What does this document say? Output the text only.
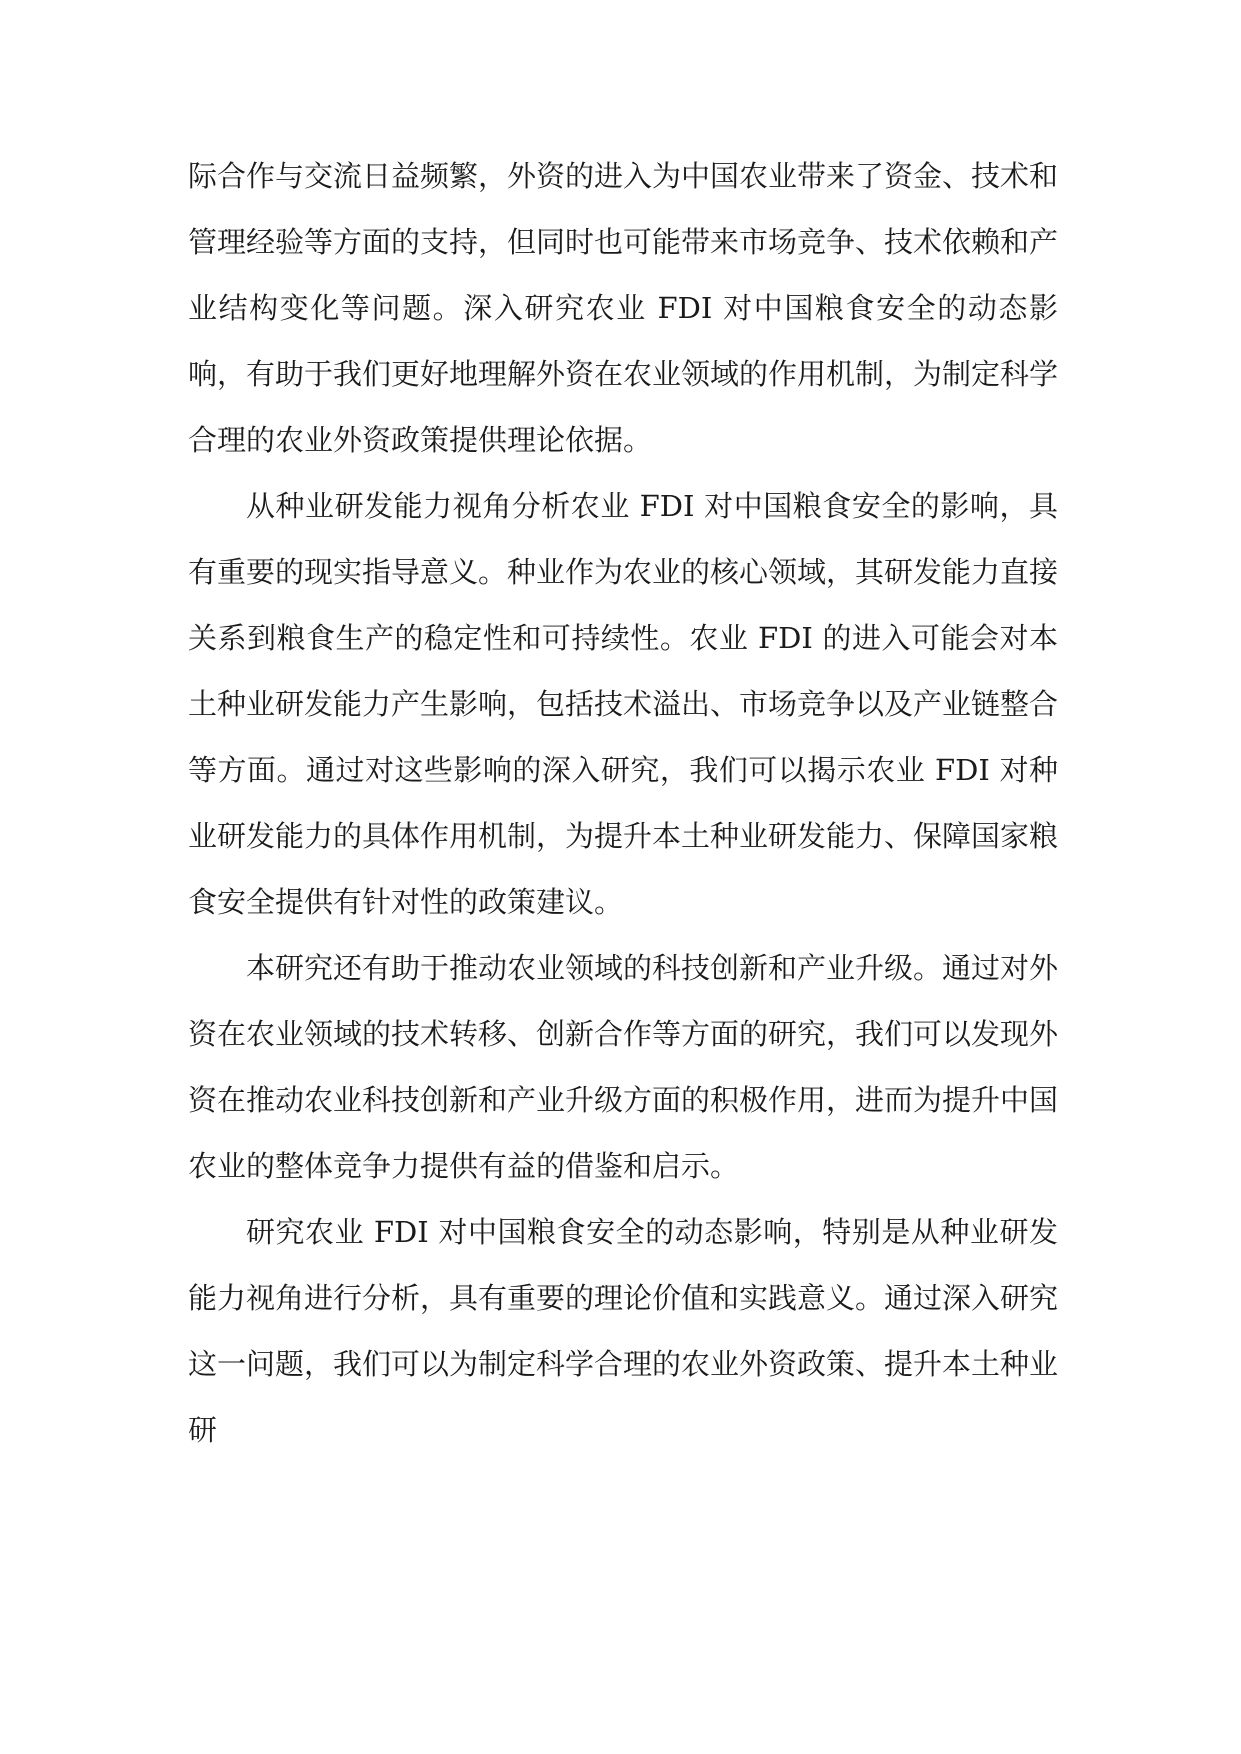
际合作与交流日益频繁，外资的进入为中国农业带来了资金、技术和管理经验等方面的支持，但同时也可能带来市场竞争、技术依赖和产业结构变化等问题。深入研究农业 FDI 对中国粮食安全的动态影响，有助于我们更好地理解外资在农业领域的作用机制，为制定科学合理的农业外资政策提供理论依据。

从种业研发能力视角分析农业 FDI 对中国粮食安全的影响，具有重要的现实指导意义。种业作为农业的核心领域，其研发能力直接关系到粮食生产的稳定性和可持续性。农业 FDI 的进入可能会对本土种业研发能力产生影响，包括技术溢出、市场竞争以及产业链整合等方面。通过对这些影响的深入研究，我们可以揭示农业 FDI 对种业研发能力的具体作用机制，为提升本土种业研发能力、保障国家粮食安全提供有针对性的政策建议。

本研究还有助于推动农业领域的科技创新和产业升级。通过对外资在农业领域的技术转移、创新合作等方面的研究，我们可以发现外资在推动农业科技创新和产业升级方面的积极作用，进而为提升中国农业的整体竞争力提供有益的借鉴和启示。

研究农业 FDI 对中国粮食安全的动态影响，特别是从种业研发能力视角进行分析，具有重要的理论价值和实践意义。通过深入研究这一问题，我们可以为制定科学合理的农业外资政策、提升本土种业研
